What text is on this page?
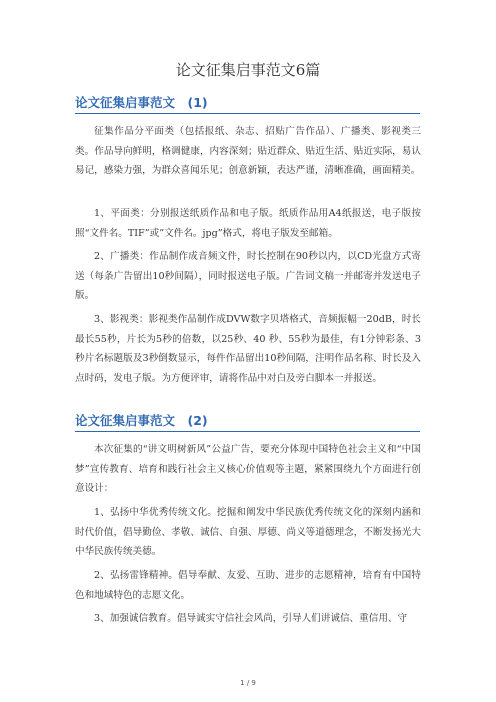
论文征集启事范文6篇
论文征集启事范文　(1)

征集作品分平面类（包括报纸、杂志、招贴广告作品）、广播类、影视类三类。作品导向鲜明，格调健康，内容深刻；贴近群众、贴近生活、贴近实际，易认易记，感染力强，为群众喜闻乐见；创意新颖，表达严谨，清晰准确，画面精美。

1、平面类：分别报送纸质作品和电子版。纸质作品用A4纸报送，电子版按照“文件名。TIF”或”文件名。jpg”格式，将电子版发至邮箱。

2、广播类：作品制作成音频文件，时长控制在90秒以内，以CD光盘方式寄送（每条广告留出10秒间隔），同时报送电子版。广告词文稿一并邮寄并发送电子版。

3、影视类：影视类作品制作成DVW数字贝塔格式，音频振幅一20dB，时长最长55秒，片长为5秒的倍数，以25秒、40 秒、55秒为最佳，有1分钟彩条、3秒片名标题版及3秒倒数显示，每件作品留出10秒间隔，注明作品名称、时长及入点时码，发电子版。为方便评审，请将作品中对白及旁白脚本一并报送。

论文征集启事范文　(2)

本次征集的“讲文明树新风”公益广告，要充分体现中国特色社会主义和“中国梦”宣传教育、培育和践行社会主义核心价值观等主题，紧紧围绕九个方面进行创意设计：

1、弘扬中华优秀传统文化。挖掘和阐发中华民族优秀传统文化的深刻内涵和时代价值，倡导勤俭、孝敬、诚信、自强、厚德、尚义等道德理念，不断发扬光大中华民族传统美德。

2、弘扬雷锋精神。倡导奉献、友爱、互助、进步的志愿精神，培育有中国特色和地域特色的志愿文化。

3、加强诚信教育。倡导诚实守信社会风尚，引导人们讲诚信、重信用、守

1 / 9
